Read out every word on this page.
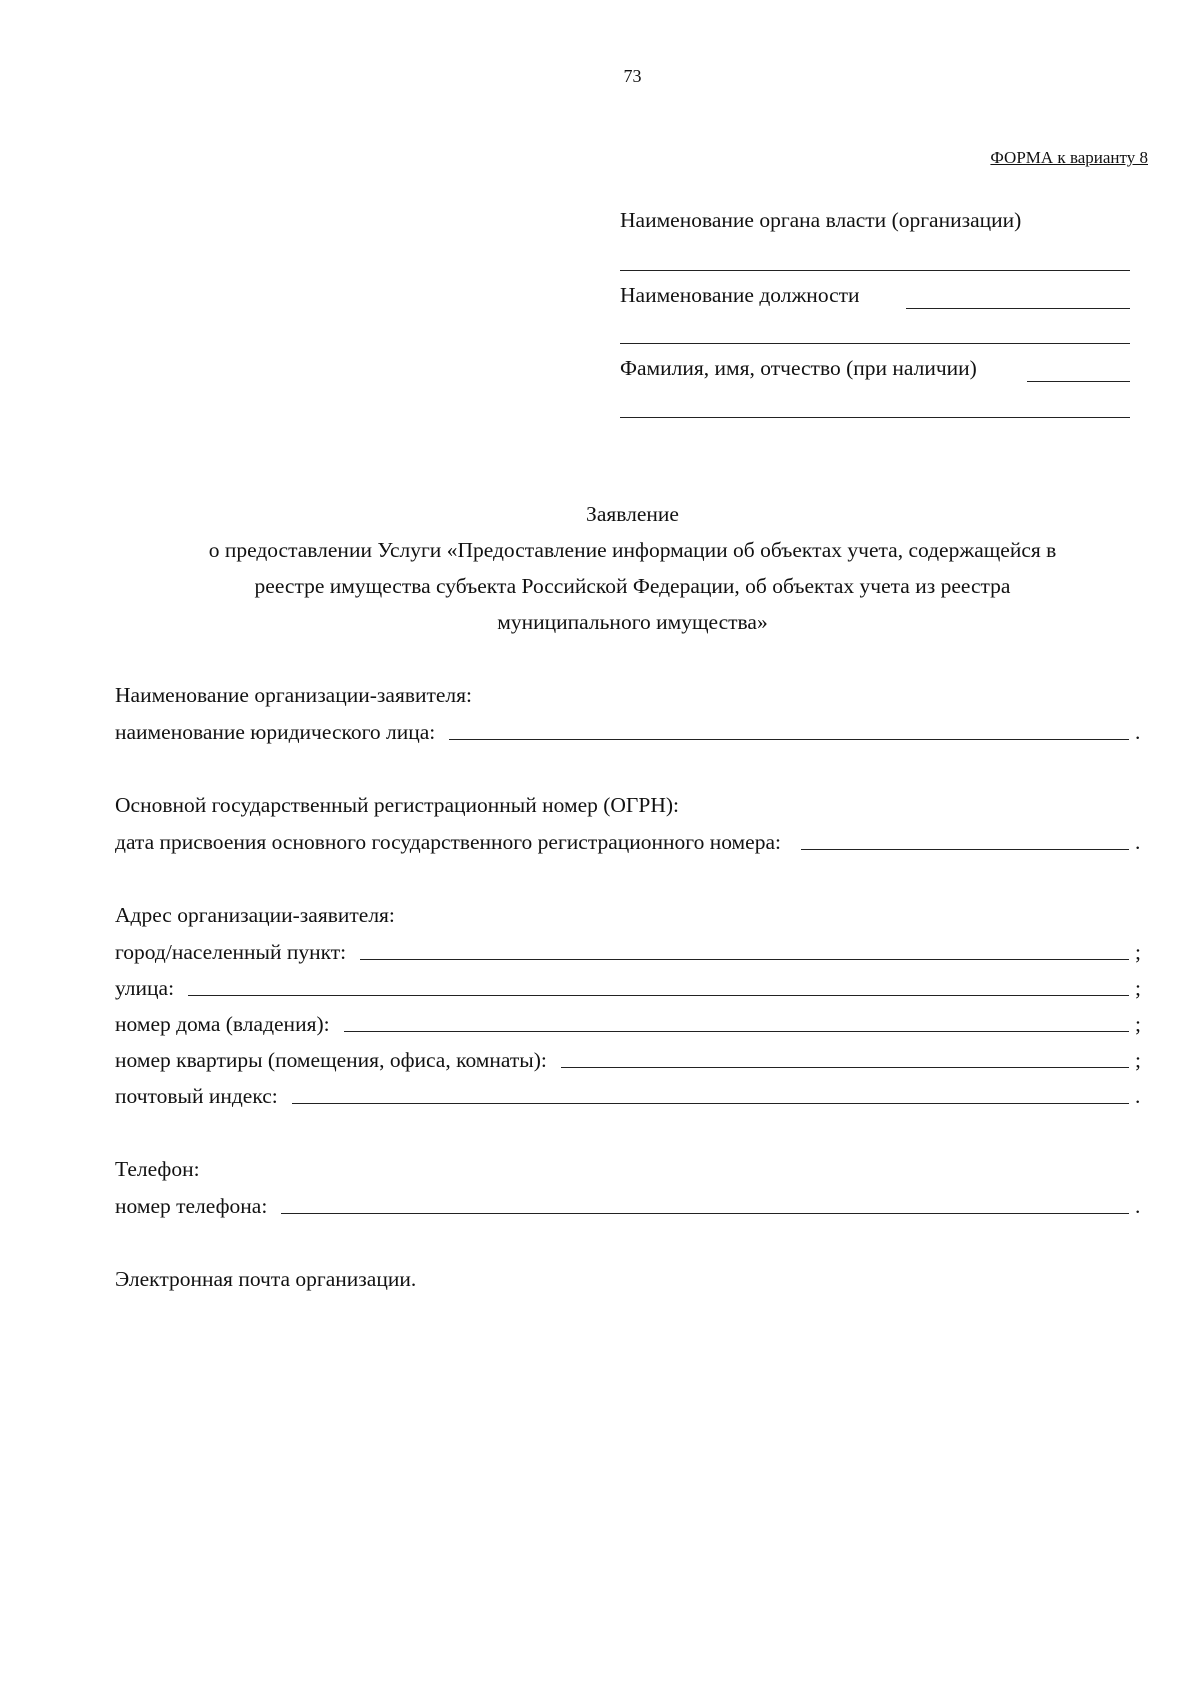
73
ФОРМА к варианту 8
Наименование органа власти (организации)
Наименование должности
Фамилия, имя, отчество (при наличии)
Заявление
о предоставлении Услуги «Предоставление информации об объектах учета, содержащейся в
реестре имущества субъекта Российской Федерации, об объектах учета из реестра
муниципального имущества»
Наименование организации-заявителя:
наименование юридического лица:	.
Основной государственный регистрационный номер (ОГРН):
дата присвоения основного государственного регистрационного номера:	.
Адрес организации-заявителя:
город/населенный пункт:	;
улица:	;
номер дома (владения):	;
номер квартиры (помещения, офиса, комнаты):	;
почтовый индекс:	.
Телефон:
номер телефона:	.
Электронная почта организации.
